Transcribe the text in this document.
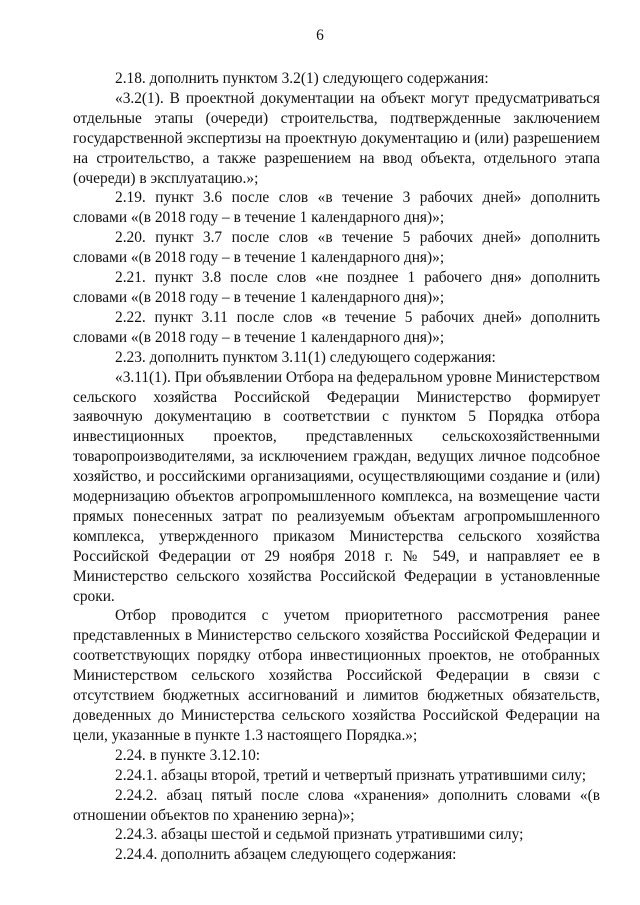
6

2.18. дополнить пунктом 3.2(1) следующего содержания:

«3.2(1). В проектной документации на объект могут предусматриваться отдельные этапы (очереди) строительства, подтвержденные заключением государственной экспертизы на проектную документацию и (или) разрешением на строительство, а также разрешением на ввод объекта, отдельного этапа (очереди) в эксплуатацию.»;

2.19. пункт 3.6 после слов «в течение 3 рабочих дней» дополнить словами «(в 2018 году – в течение 1 календарного дня)»;

2.20. пункт 3.7 после слов «в течение 5 рабочих дней» дополнить словами «(в 2018 году – в течение 1 календарного дня)»;

2.21. пункт 3.8 после слов «не позднее 1 рабочего дня» дополнить словами «(в 2018 году – в течение 1 календарного дня)»;

2.22. пункт 3.11 после слов «в течение 5 рабочих дней» дополнить словами «(в 2018 году – в течение 1 календарного дня)»;

2.23. дополнить пунктом 3.11(1) следующего содержания:

«3.11(1). При объявлении Отбора на федеральном уровне Министерством сельского хозяйства Российской Федерации Министерство формирует заявочную документацию в соответствии с пунктом 5 Порядка отбора инвестиционных проектов, представленных сельскохозяйственными товаропроизводителями, за исключением граждан, ведущих личное подсобное хозяйство, и российскими организациями, осуществляющими создание и (или) модернизацию объектов агропромышленного комплекса, на возмещение части прямых понесенных затрат по реализуемым объектам агропромышленного комплекса, утвержденного приказом Министерства сельского хозяйства Российской Федерации от 29 ноября 2018 г. № 549, и направляет ее в Министерство сельского хозяйства Российской Федерации в установленные сроки.

Отбор проводится с учетом приоритетного рассмотрения ранее представленных в Министерство сельского хозяйства Российской Федерации и соответствующих порядку отбора инвестиционных проектов, не отобранных Министерством сельского хозяйства Российской Федерации в связи с отсутствием бюджетных ассигнований и лимитов бюджетных обязательств, доведенных до Министерства сельского хозяйства Российской Федерации на цели, указанные в пункте 1.3 настоящего Порядка.»;

2.24. в пункте 3.12.10:

2.24.1. абзацы второй, третий и четвертый признать утратившими силу;

2.24.2. абзац пятый после слова «хранения» дополнить словами «(в отношении объектов по хранению зерна)»;

2.24.3. абзацы шестой и седьмой признать утратившими силу;

2.24.4. дополнить абзацем следующего содержания:
